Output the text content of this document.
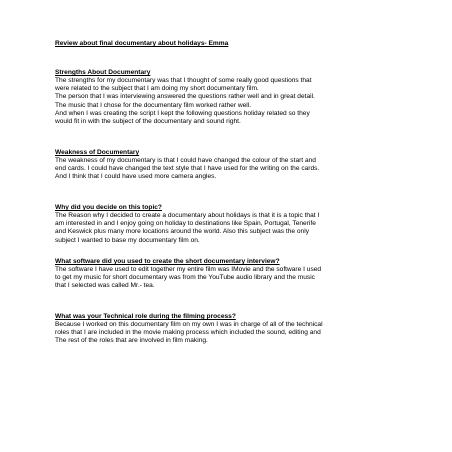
Review about final documentary about holidays- Emma
Strengths About Documentary
The strengths for my documentary was that I thought of some really good questions that
were related to the subject that I am doing my short documentary film.
The person that I was interviewing answered the questions rather well and in great detail.
The music that I chose for the documentary film worked rather well.
And when I was creating the script I kept the following questions holiday related so they
would fit in with the subject of the documentary and sound right.
Weakness of Documentary
The weakness of my documentary is that I could have changed the colour of the start and
end cards. I could have changed the text style that I have used for the writing on the cards.
And I think that I could have used more camera angles.
Why did you decide on this topic?
The Reason why I decided to create a documentary about holidays is that it is a topic that I
am interested in and I enjoy going on holiday to destinations like Spain, Portugal, Tenerife
and Keswick plus many more locations around the world. Also this subject was the only
subject I wanted to base my documentary film on.
What software did you used to create the short documentary interview?
The software I have used to edit together my entire film was IMovie and the software I used
to get my music for short documentary was from the YouTube audio library and the music
that I selected was called Mr.- tea.
What was your Technical role during the filming process?
Because I worked on this documentary film on my own I was in charge of all of the technical
roles that I are included in the movie making process which included the sound, editing and
The rest of the roles that are involved in film making.
